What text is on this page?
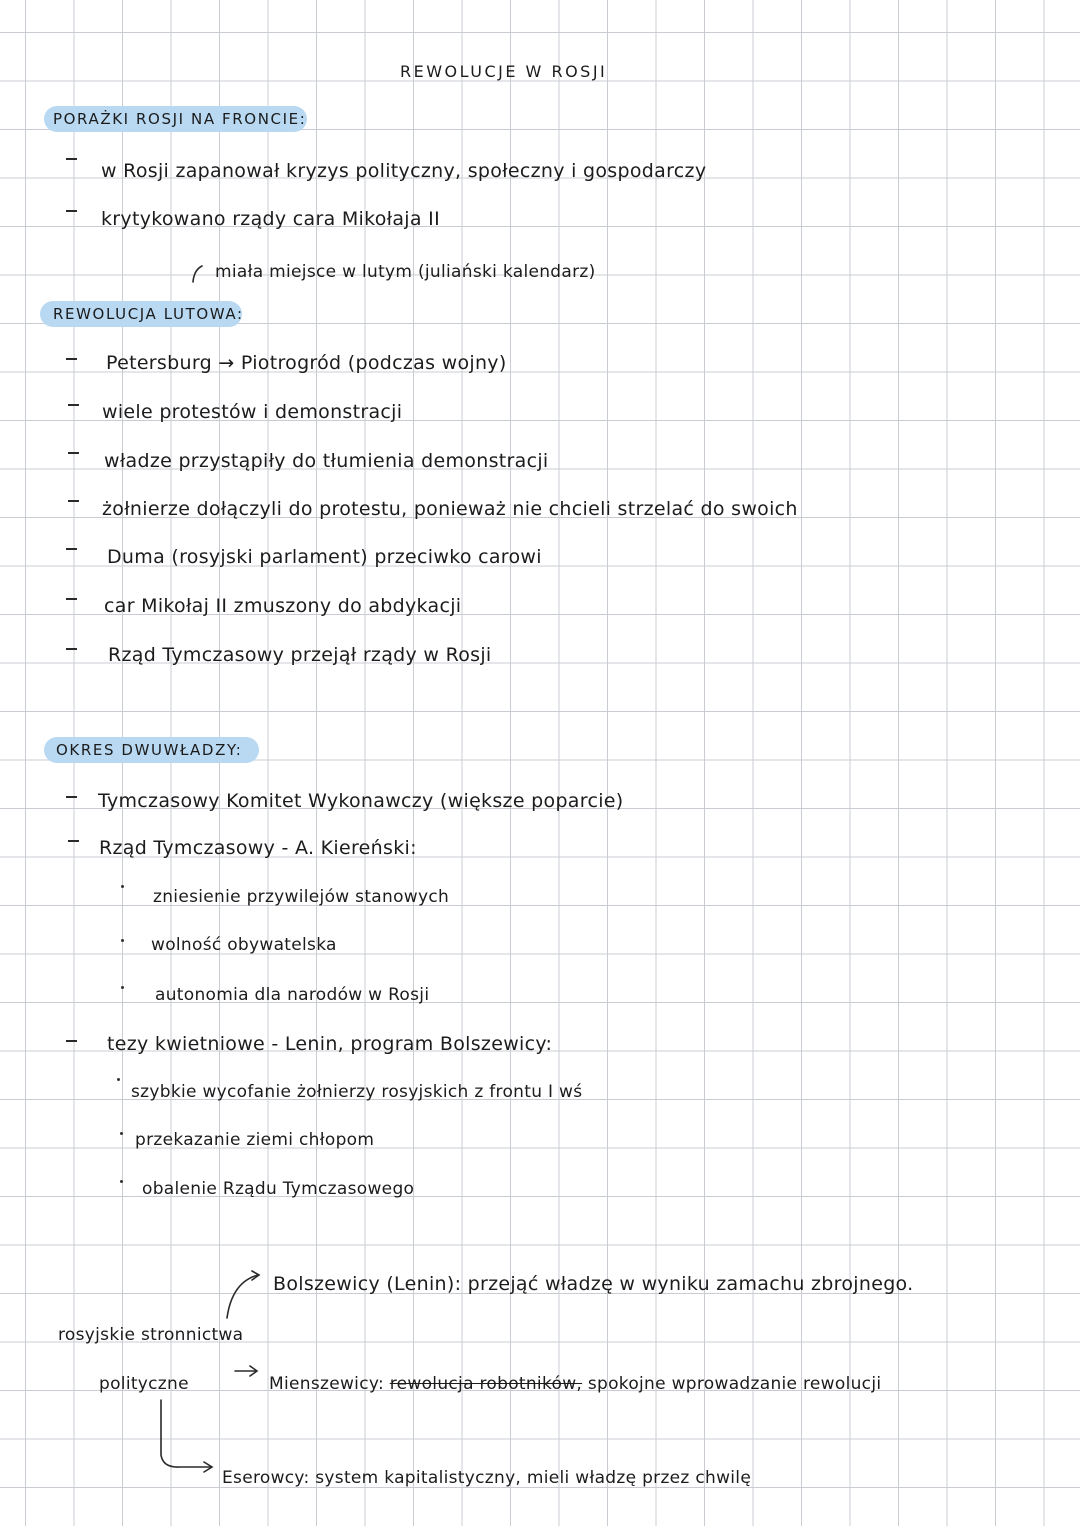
REWOLUCJE W ROSJI
PORAŻKI ROSJI NA FRONCIE:
w Rosji zapanował kryzys polityczny, społeczny i gospodarczy
krytykowano rządy cara Mikołaja II
miała miejsce w lutym (juliański kalendarz)
REWOLUCJA LUTOWA:
Petersburg → Piotrogród (podczas wojny)
wiele protestów i demonstracji
władze przystąpiły do tłumienia demonstracji
żołnierze dołączyli do protestu, ponieważ nie chcieli strzelać do swoich
Duma (rosyjski parlament) przeciwko carowi
car Mikołaj II zmuszony do abdykacji
Rząd Tymczasowy przejął rządy w Rosji
OKRES DWUWŁADZY:
Tymczasowy Komitet Wykonawczy (większe poparcie)
Rząd Tymczasowy - A. Kiereński:
zniesienie przywilejów stanowych
wolność obywatelska
autonomia dla narodów w Rosji
tezy kwietniowe - Lenin, program Bolszewicy:
szybkie wycofanie żołnierzy rosyjskich z frontu I wś
przekazanie ziemi chłopom
obalenie Rządu Tymczasowego
rosyjskie stronnictwa
polityczne
Bolszewicy (Lenin): przejąć władzę w wyniku zamachu zbrojnego.
Mienszewicy: rewolucja robotników, spokojne wprowadzanie rewolucji
Eserowcy: system kapitalistyczny, mieli władzę przez chwilę
